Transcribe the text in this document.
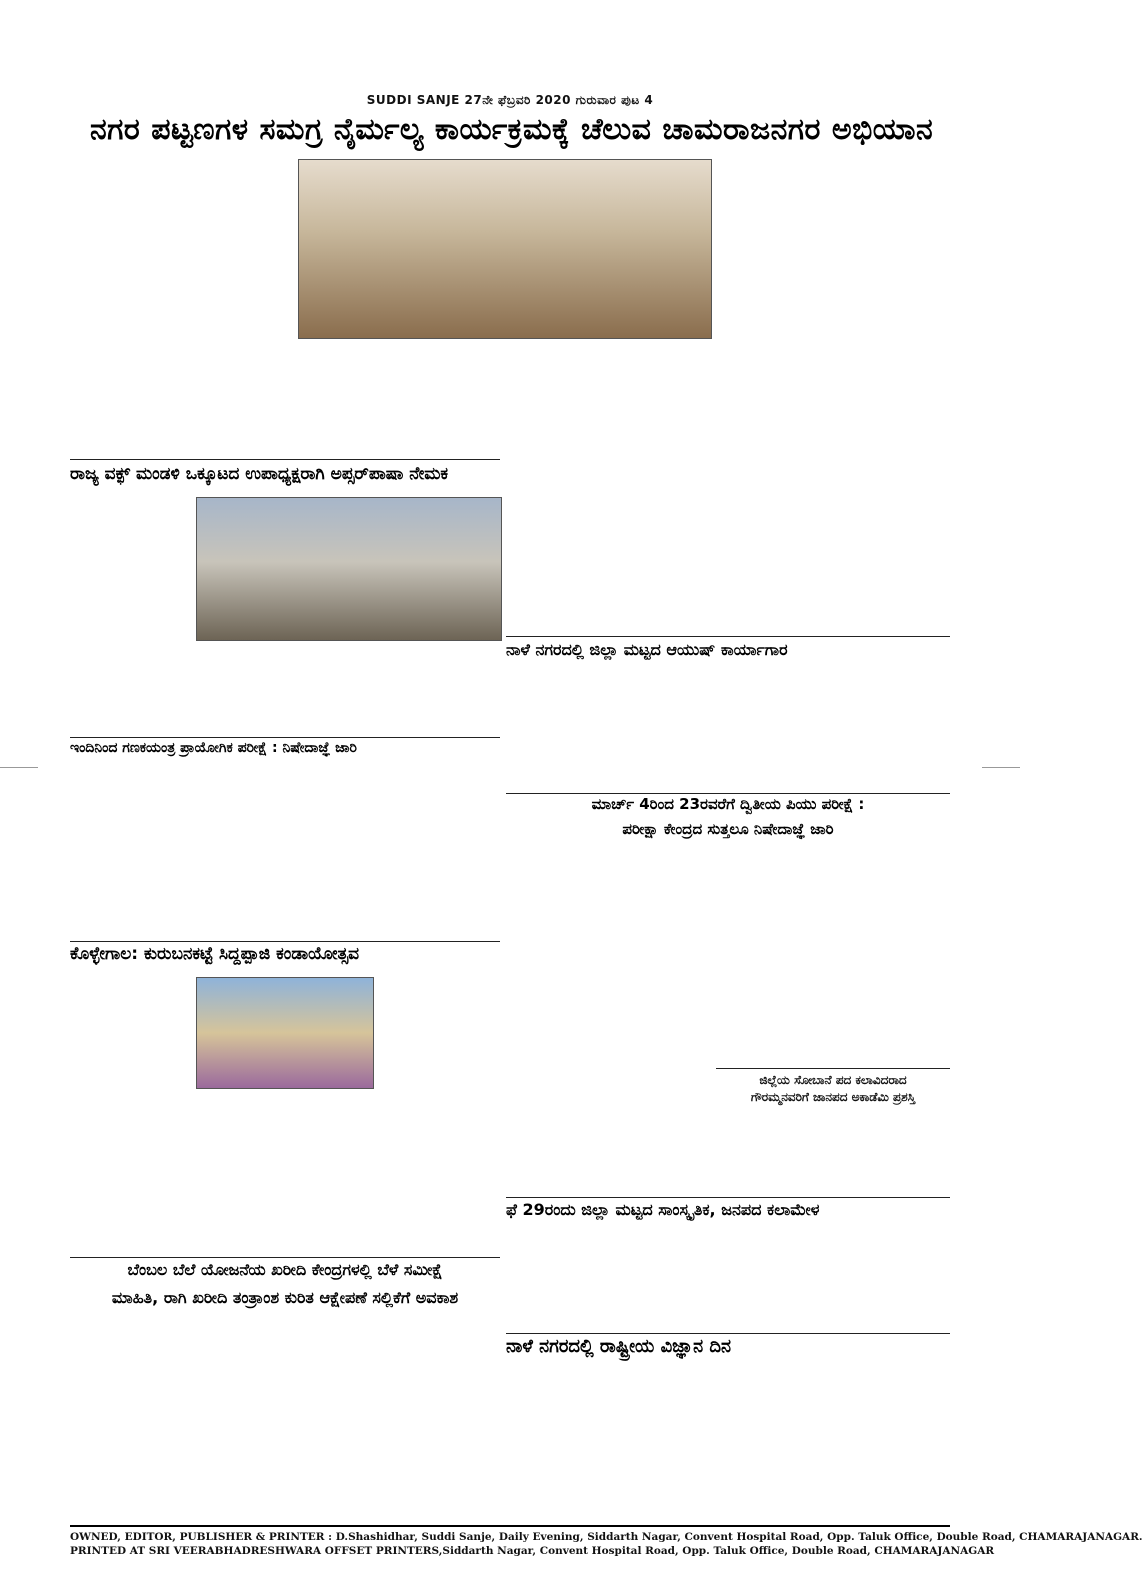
SUDDI SANJE 27ನೇ ಫೆಬ್ರವರಿ 2020 ಗುರುವಾರ ಪುಟ 4
ನಗರ ಪಟ್ಟಣಗಳ ಸಮಗ್ರ ನೈರ್ಮಲ್ಯ ಕಾರ್ಯಕ್ರಮಕ್ಕೆ ಚೆಲುವ ಚಾಮರಾಜನಗರ ಅಭಿಯಾನ
ರಾಜ್ಯ ವಕ್ಫ್ ಮಂಡಳಿ ಒಕ್ಕೂಟದ ಉಪಾಧ್ಯಕ್ಷರಾಗಿ ಅಪ್ಸರ್‌ಪಾಷಾ ನೇಮಕ
ನಾಳೆ ನಗರದಲ್ಲಿ ಜಿಲ್ಲಾ ಮಟ್ಟದ ಆಯುಷ್ ಕಾರ್ಯಾಗಾರ
ಮಾರ್ಚ್ 4ರಿಂದ 23ರವರೆಗೆ ದ್ವಿತೀಯ ಪಿಯು ಪರೀಕ್ಷೆ :
ಪರೀಕ್ಷಾ ಕೇಂದ್ರದ ಸುತ್ತಲೂ ನಿಷೇದಾಜ್ಞೆ ಜಾರಿ
ಇಂದಿನಿಂದ ಗಣಕಯಂತ್ರ ಪ್ರಾಯೋಗಿಕ ಪರೀಕ್ಷೆ : ನಿಷೇದಾಜ್ಞೆ ಜಾರಿ
ಕೊಳ್ಳೇಗಾಲ: ಕುರುಬನಕಟ್ಟೆ ಸಿದ್ದಪ್ಪಾಜಿ ಕಂಡಾಯೋತ್ಸವ
ಜಿಲ್ಲೆಯ ಸೋಬಾನೆ ಪದ ಕಲಾವಿದರಾದ
ಗೌರಮ್ಮನವರಿಗೆ ಜಾನಪದ ಅಕಾಡೆಮಿ ಪ್ರಶಸ್ತಿ
ಫೆ 29ರಂದು ಜಿಲ್ಲಾ ಮಟ್ಟದ ಸಾಂಸ್ಕೃತಿಕ, ಜನಪದ ಕಲಾಮೇಳ
ಬೆಂಬಲ ಬೆಲೆ ಯೋಜನೆಯ ಖರೀದಿ ಕೇಂದ್ರಗಳಲ್ಲಿ ಬೆಳೆ ಸಮೀಕ್ಷೆ
ಮಾಹಿತಿ, ರಾಗಿ ಖರೀದಿ ತಂತ್ರಾಂಶ ಕುರಿತ ಆಕ್ಷೇಪಣೆ ಸಲ್ಲಿಕೆಗೆ ಅವಕಾಶ
ನಾಳೆ ನಗರದಲ್ಲಿ ರಾಷ್ಟ್ರೀಯ ವಿಜ್ಞಾನ ದಿನ
OWNED, EDITOR, PUBLISHER & PRINTER : D.Shashidhar, Suddi Sanje, Daily Evening, Siddarth Nagar, Convent Hospital Road, Opp. Taluk Office, Double Road, CHAMARAJANAGAR.
PRINTED AT SRI VEERABHADRESHWARA OFFSET PRINTERS,Siddarth Nagar, Convent Hospital Road, Opp. Taluk Office, Double Road, CHAMARAJANAGAR
